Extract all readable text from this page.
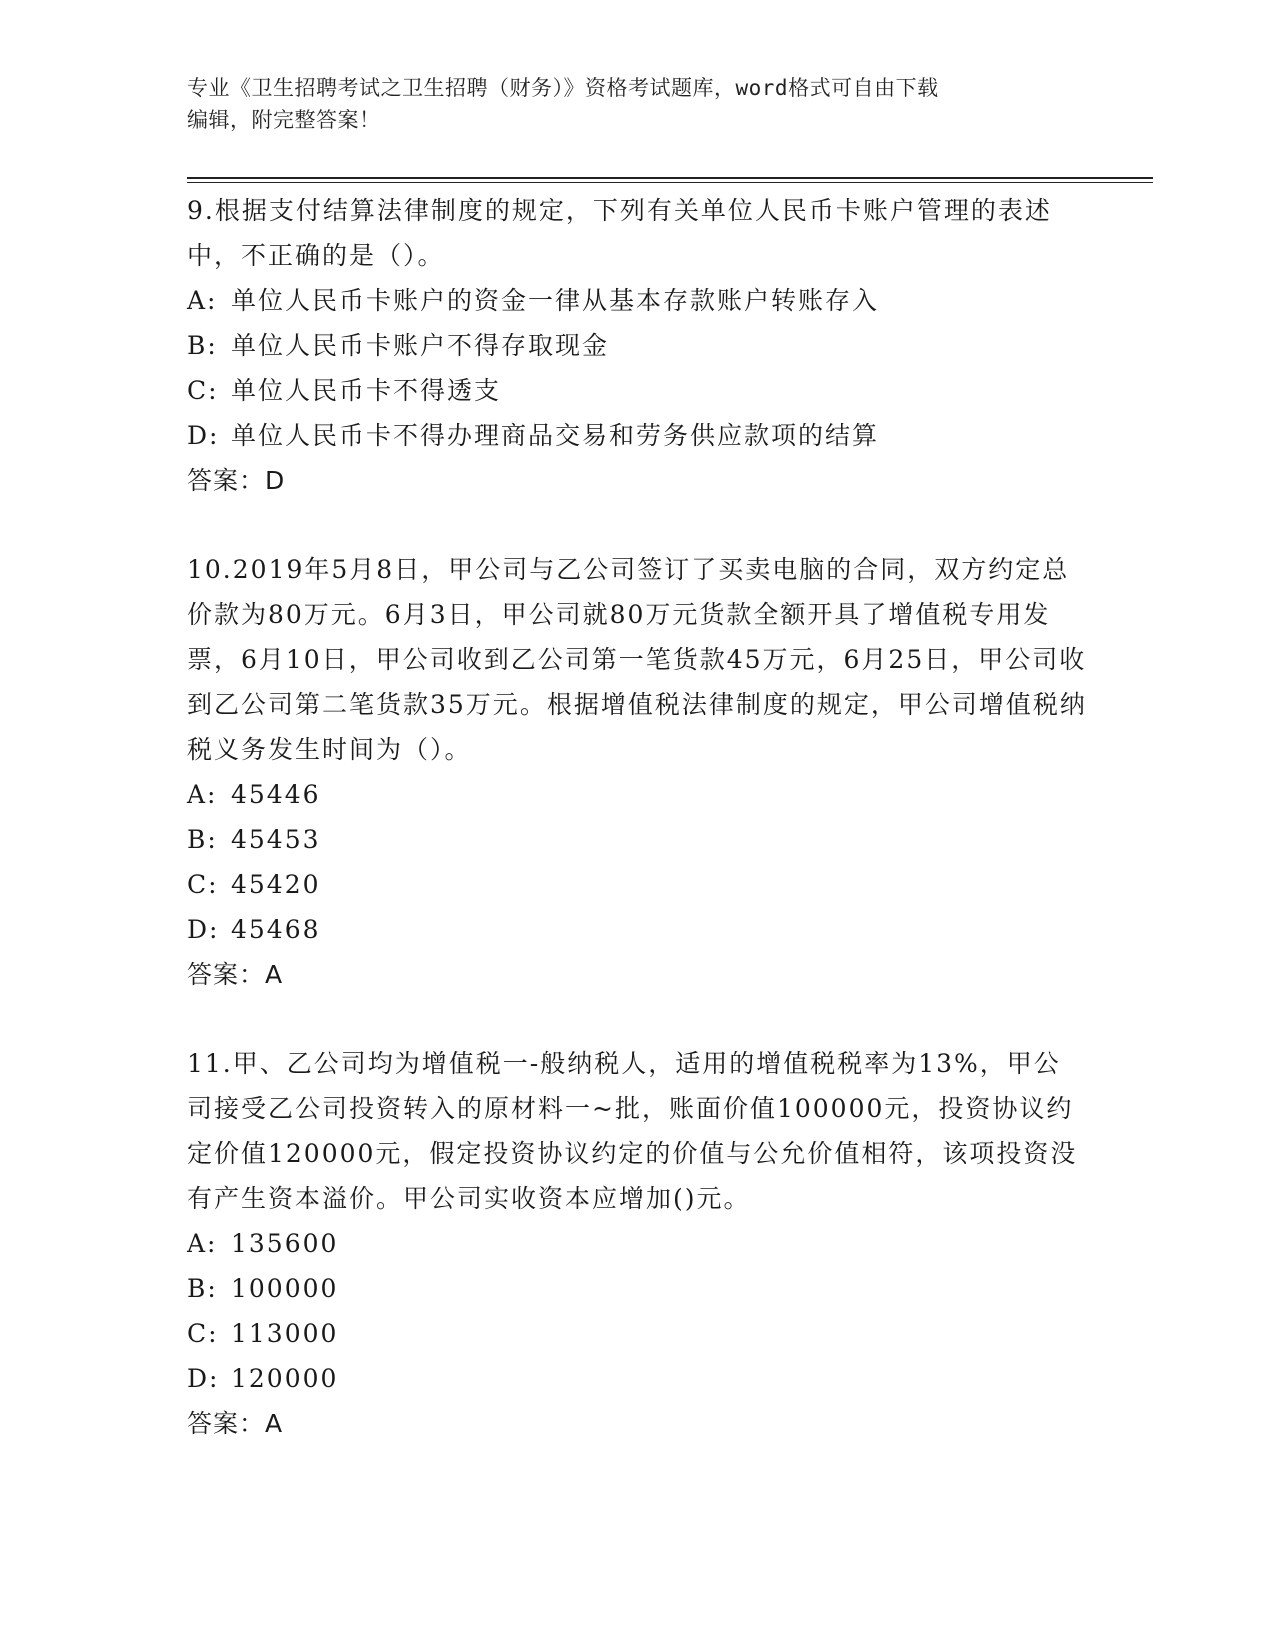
专业《卫生招聘考试之卫生招聘（财务）》资格考试题库，word格式可自由下载
编辑，附完整答案！

9.根据支付结算法律制度的规定，下列有关单位人民币卡账户管理的表述中，不正确的是（）。

A: 单位人民币卡账户的资金一律从基本存款账户转账存入
B: 单位人民币卡账户不得存取现金
C: 单位人民币卡不得透支
D: 单位人民币卡不得办理商品交易和劳务供应款项的结算

答案：D

10.2019年5月8日，甲公司与乙公司签订了买卖电脑的合同，双方约定总价款为80万元。6月3日，甲公司就80万元货款全额开具了增值税专用发票，6月10日，甲公司收到乙公司第一笔货款45万元，6月25日，甲公司收到乙公司第二笔货款35万元。根据增值税法律制度的规定，甲公司增值税纳税义务发生时间为（）。

A: 45446
B: 45453
C: 45420
D: 45468

答案：A

11.甲、乙公司均为增值税一-般纳税人，适用的增值税税率为13%，甲公司接受乙公司投资转入的原材料一~批，账面价值100000元，投资协议约定价值120000元，假定投资协议约定的价值与公允价值相符，该项投资没有产生资本溢价。甲公司实收资本应增加()元。

A: 135600
B: 100000
C: 113000
D: 120000

答案：A
